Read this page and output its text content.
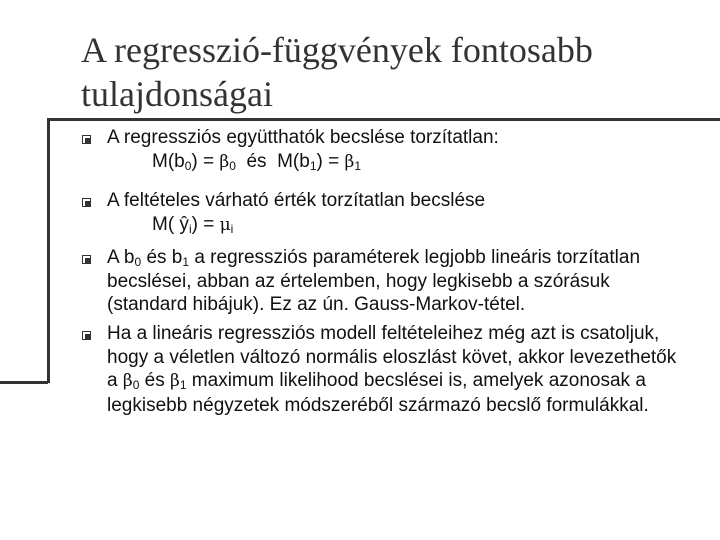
A regresszió-függvények fontosabb tulajdonságai
A regressziós együtthatók becslése torzítatlan:
$M(b_0) = \beta_0$  és  $M(b_1) = \beta_1$
A feltételes várható érték torzítatlan becslése
M( $ŷ_i) = \mu_i$
A $b_0$ és $b_1$ a regressziós paraméterek legjobb lineáris torzítatlan becslései, abban az értelemben, hogy legkisebb a szórásuk (standard hibájuk). Ez az ún. Gauss-Markov-tétel.
Ha a lineáris regressziós modell feltételeihez még azt is csatoljuk, hogy a véletlen változó normális eloszlást követ, akkor levezethetők a $\beta_0$ és $\beta_1$ maximum likelihood becslései is, amelyek azonosak a legkisebb négyzetek módszeréből származó becslő formulákkal.
